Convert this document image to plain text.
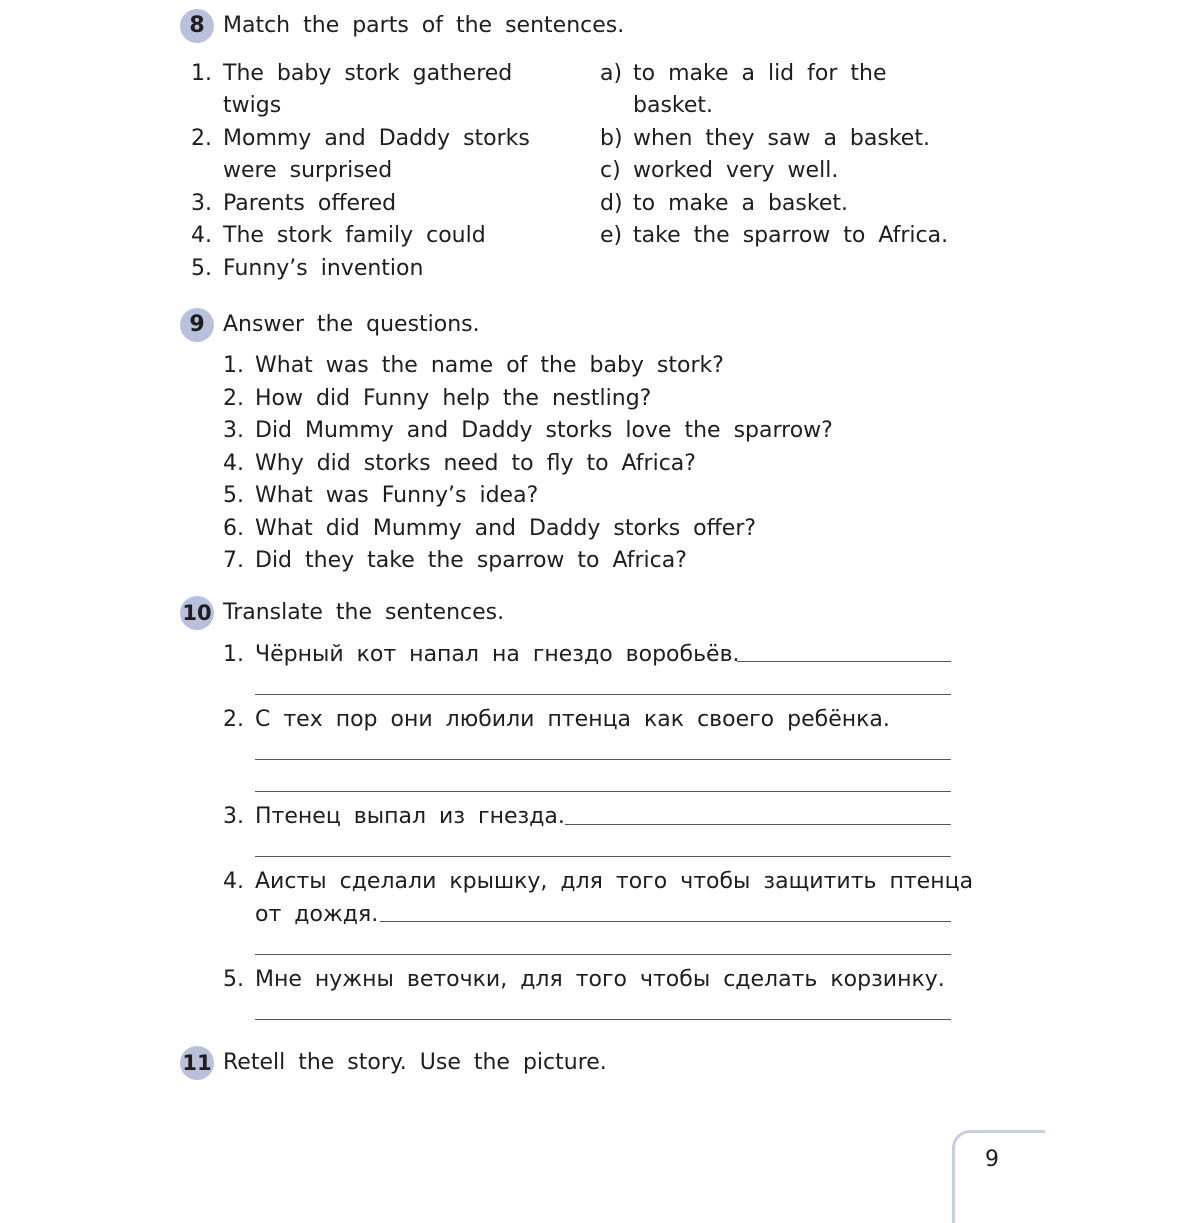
8 Match the parts of the sentences.
1. The baby stork gathered
twigs
2. Mommy and Daddy storks
were surprised
3. Parents offered
4. The stork family could
5. Funny’s invention
a) to make a lid for the
basket.
b) when they saw a basket.
c) worked very well.
d) to make a basket.
e) take the sparrow to Africa.
9 Answer the questions.
1. What was the name of the baby stork?
2. How did Funny help the nestling?
3. Did Mummy and Daddy storks love the sparrow?
4. Why did storks need to fly to Africa?
5. What was Funny’s idea?
6. What did Mummy and Daddy storks offer?
7. Did they take the sparrow to Africa?
10 Translate the sentences.
1. Чёрный кот напал на гнездо воробьёв.
2. С тех пор они любили птенца как своего ребёнка.
3. Птенец выпал из гнезда.
4. Аисты сделали крышку, для того чтобы защитить птенца
от дождя.
5. Мне нужны веточки, для того чтобы сделать корзинку.
11 Retell the story. Use the picture.
9
